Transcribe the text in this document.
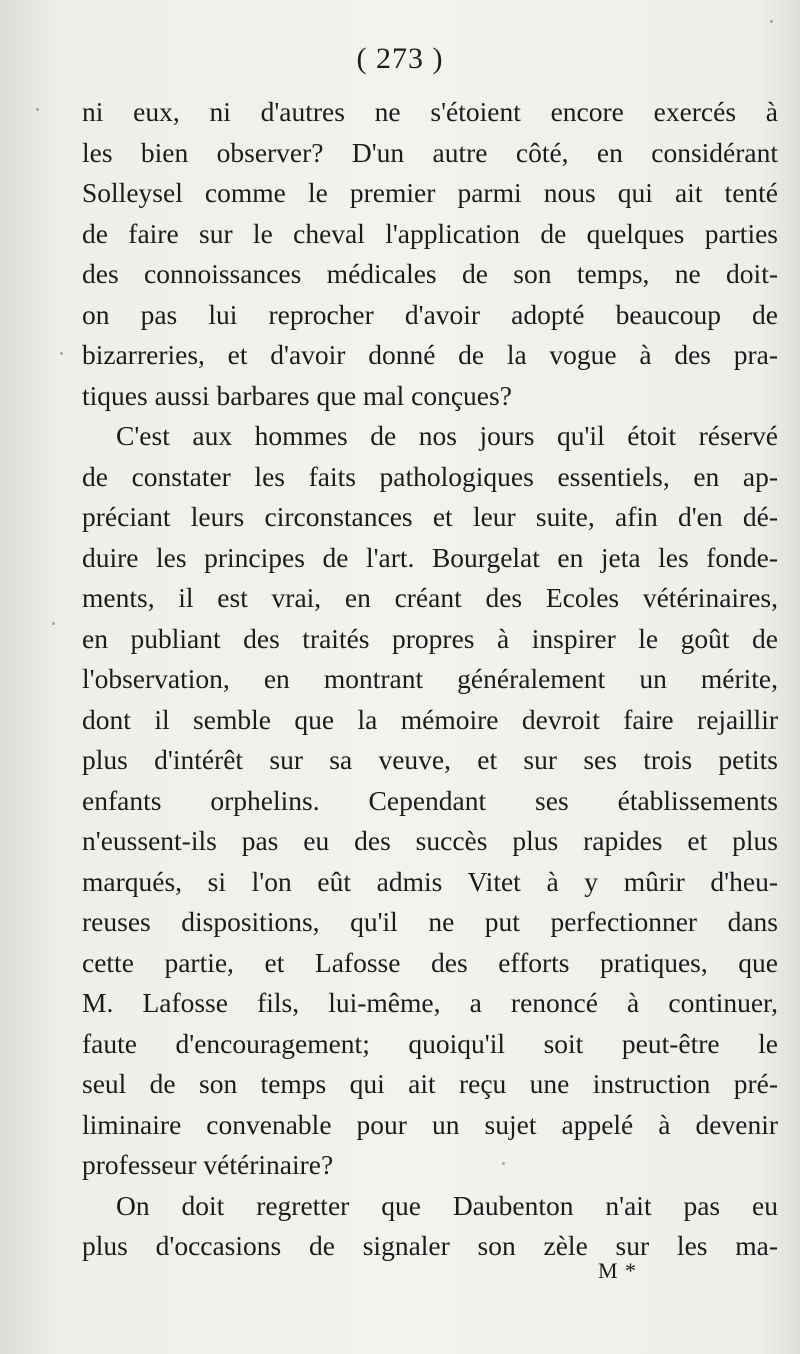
( 273 )
ni eux, ni d'autres ne s'étoient encore exercés à
les bien observer? D'un autre côté, en considérant
Solleysel comme le premier parmi nous qui ait tenté
de faire sur le cheval l'application de quelques parties
des connoissances médicales de son temps, ne doit-
on pas lui reprocher d'avoir adopté beaucoup de
bizarreries, et d'avoir donné de la vogue à des pra-
tiques aussi barbares que mal conçues?
C'est aux hommes de nos jours qu'il étoit réservé
de constater les faits pathologiques essentiels, en ap-
préciant leurs circonstances et leur suite, afin d'en dé-
duire les principes de l'art. Bourgelat en jeta les fonde-
ments, il est vrai, en créant des Ecoles vétérinaires,
en publiant des traités propres à inspirer le goût de
l'observation, en montrant généralement un mérite,
dont il semble que la mémoire devroit faire rejaillir
plus d'intérêt sur sa veuve, et sur ses trois petits
enfants orphelins. Cependant ses établissements
n'eussent-ils pas eu des succès plus rapides et plus
marqués, si l'on eût admis Vitet à y mûrir d'heu-
reuses dispositions, qu'il ne put perfectionner dans
cette partie, et Lafosse des efforts pratiques, que
M. Lafosse fils, lui-même, a renoncé à continuer,
faute d'encouragement; quoiqu'il soit peut-être le
seul de son temps qui ait reçu une instruction pré-
liminaire convenable pour un sujet appelé à devenir
professeur vétérinaire?
On doit regretter que Daubenton n'ait pas eu
plus d'occasions de signaler son zèle sur les ma-
M *
